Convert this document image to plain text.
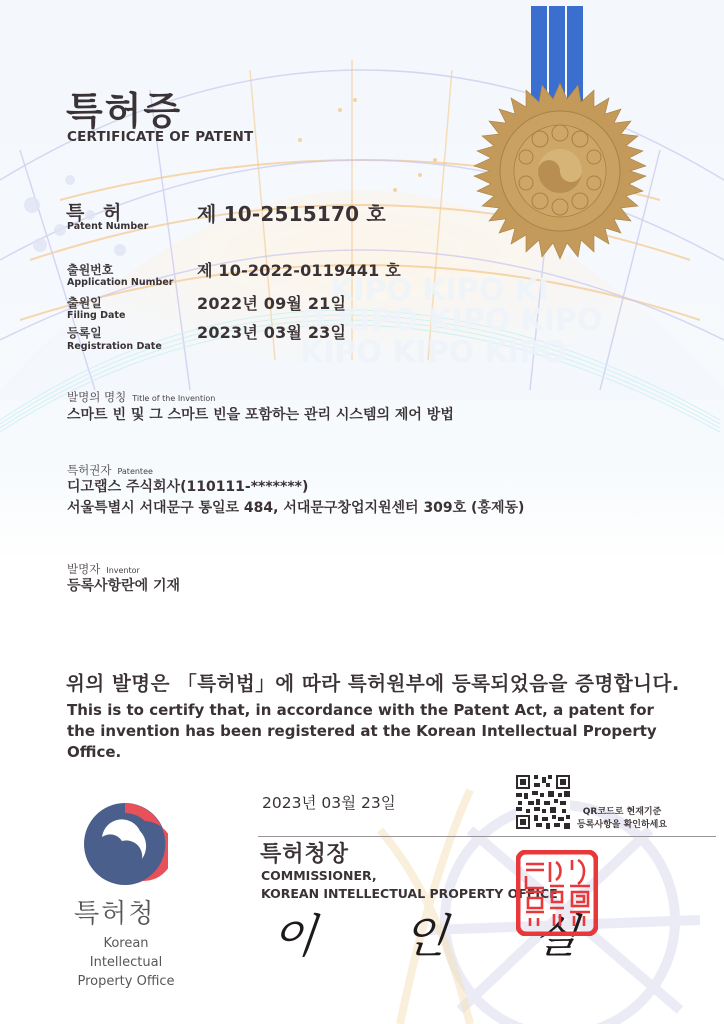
KIPO KIPO KI
O KIPO KIPO KIPO
KIPO KIPO KIPO
특허증
CERTIFICATE OF PATENT
특 허
Patent Number
제 10-2515170 호
출원번호
Application Number
제 10-2022-0119441 호
출원일
Filing Date
2022년 09월 21일
등록일
Registration Date
2023년 03월 23일
발명의 명칭 Title of the Invention
스마트 빈 및 그 스마트 빈을 포함하는 관리 시스템의 제어 방법
특허권자 Patentee
디고랩스 주식회사(110111-*******)
서울특별시 서대문구 통일로 484, 서대문구창업지원센터 309호 (홍제동)
발명자 Inventor
등록사항란에 기재
위의 발명은 「특허법」에 따라 특허원부에 등록되었음을 증명합니다.
This is to certify that, in accordance with the Patent Act, a patent for the invention has been registered at the Korean Intellectual Property Office.
2023년 03월 23일	QR코드로 현재기준
등록사항을 확인하세요
특허청장
COMMISSIONER,
KOREAN INTELLECTUAL PROPERTY OFFICE
이 인 실
특허청
Korean Intellectual
Property Office
